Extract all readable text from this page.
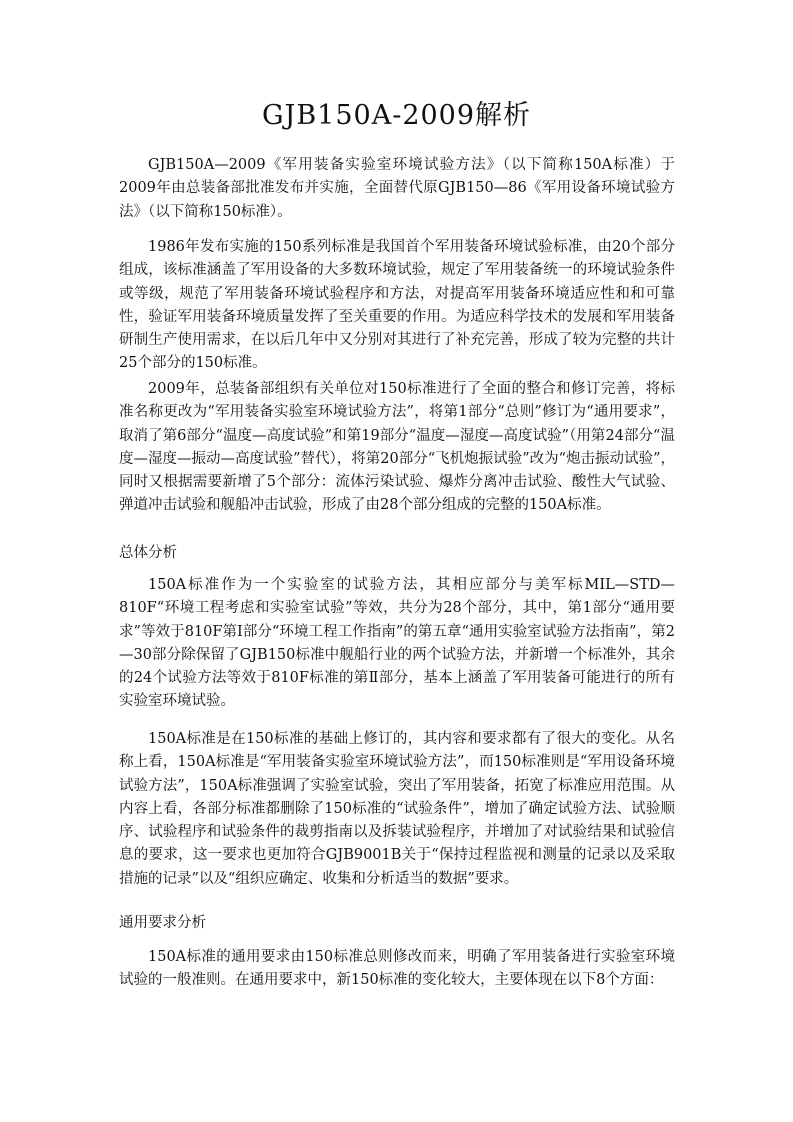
GJB150A-2009解析

GJB150A—2009《军用装备实验室环境试验方法》（以下简称150A标准）于2009年由总装备部批准发布并实施，全面替代原GJB150—86《军用设备环境试验方法》（以下简称150标准）。

1986年发布实施的150系列标准是我国首个军用装备环境试验标准，由20个部分组成，该标准涵盖了军用设备的大多数环境试验，规定了军用装备统一的环境试验条件或等级，规范了军用装备环境试验程序和方法，对提高军用装备环境适应性和和可靠性，验证军用装备环境质量发挥了至关重要的作用。为适应科学技术的发展和军用装备研制生产使用需求，在以后几年中又分别对其进行了补充完善，形成了较为完整的共计25个部分的150标准。

2009年，总装备部组织有关单位对150标准进行了全面的整合和修订完善，将标准名称更改为“军用装备实验室环境试验方法”，将第1部分“总则”修订为“通用要求”，取消了第6部分“温度—高度试验”和第19部分“温度—湿度—高度试验”（用第24部分“温度—湿度—振动—高度试验”替代），将第20部分“飞机炮振试验”改为“炮击振动试验”，同时又根据需要新增了5个部分：流体污染试验、爆炸分离冲击试验、酸性大气试验、弹道冲击试验和舰船冲击试验，形成了由28个部分组成的完整的150A标准。

总体分析

150A标准作为一个实验室的试验方法，其相应部分与美军标MIL—STD—810F“环境工程考虑和实验室试验”等效，共分为28个部分，其中，第1部分“通用要求”等效于810F第Ⅰ部分“环境工程工作指南”的第五章“通用实验室试验方法指南”，第2—30部分除保留了GJB150标准中舰船行业的两个试验方法，并新增一个标准外，其余的24个试验方法等效于810F标准的第Ⅱ部分，基本上涵盖了军用装备可能进行的所有实验室环境试验。

150A标准是在150标准的基础上修订的，其内容和要求都有了很大的变化。从名称上看，150A标准是“军用装备实验室环境试验方法”，而150标准则是“军用设备环境试验方法”，150A标准强调了实验室试验，突出了军用装备，拓宽了标准应用范围。从内容上看，各部分标准都删除了150标准的“试验条件”，增加了确定试验方法、试验顺序、试验程序和试验条件的裁剪指南以及拆装试验程序，并增加了对试验结果和试验信息的要求，这一要求也更加符合GJB9001B关于“保持过程监视和测量的记录以及采取措施的记录”以及“组织应确定、收集和分析适当的数据”要求。

通用要求分析

150A标准的通用要求由150标准总则修改而来，明确了军用装备进行实验室环境试验的一般准则。在通用要求中，新150标准的变化较大，主要体现在以下8个方面：
